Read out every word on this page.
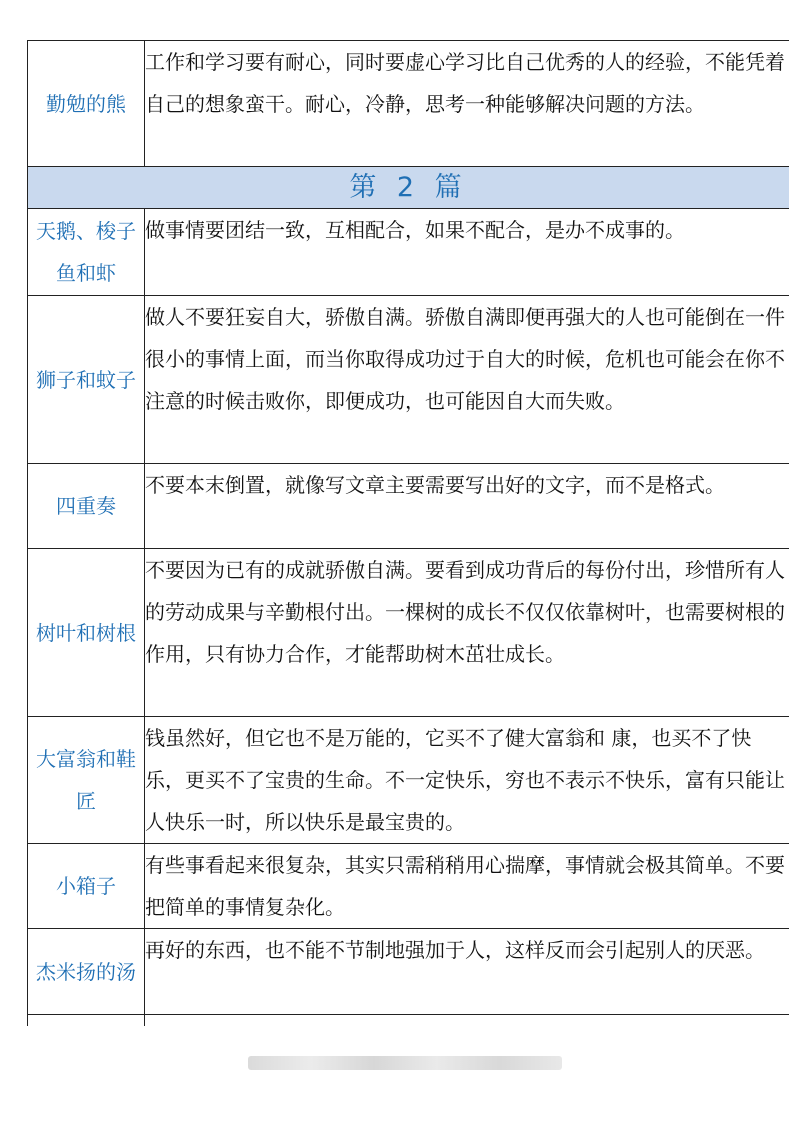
勤勉的熊	工作和学习要有耐心，同时要虚心学习比自己优秀的人的经验，不能凭着自己的想象蛮干。耐心，冷静，思考一种能够解决问题的方法。
第 2 篇	
天鹅、梭子鱼和虾	做事情要团结一致，互相配合，如果不配合，是办不成事的。
狮子和蚊子	做人不要狂妄自大，骄傲自满。骄傲自满即便再强大的人也可能倒在一件很小的事情上面，而当你取得成功过于自大的时候，危机也可能会在你不注意的时候击败你，即便成功，也可能因自大而失败。
四重奏	不要本末倒置，就像写文章主要需要写出好的文字，而不是格式。
树叶和树根	不要因为已有的成就骄傲自满。要看到成功背后的每份付出，珍惜所有人的劳动成果与辛勤根付出。一棵树的成长不仅仅依靠树叶，也需要树根的作用，只有协力合作，才能帮助树木茁壮成长。
大富翁和鞋匠	钱虽然好，但它也不是万能的，它买不了健大富翁和 康，也买不了快乐，更买不了宝贵的生命。不一定快乐，穷也不表示不快乐，富有只能让人快乐一时，所以快乐是最宝贵的。
小箱子	有些事看起来很复杂，其实只需稍稍用心揣摩，事情就会极其简单。不要把简单的事情复杂化。
杰米扬的汤	再好的东西，也不能不节制地强加于人，这样反而会引起别人的厌恶。
